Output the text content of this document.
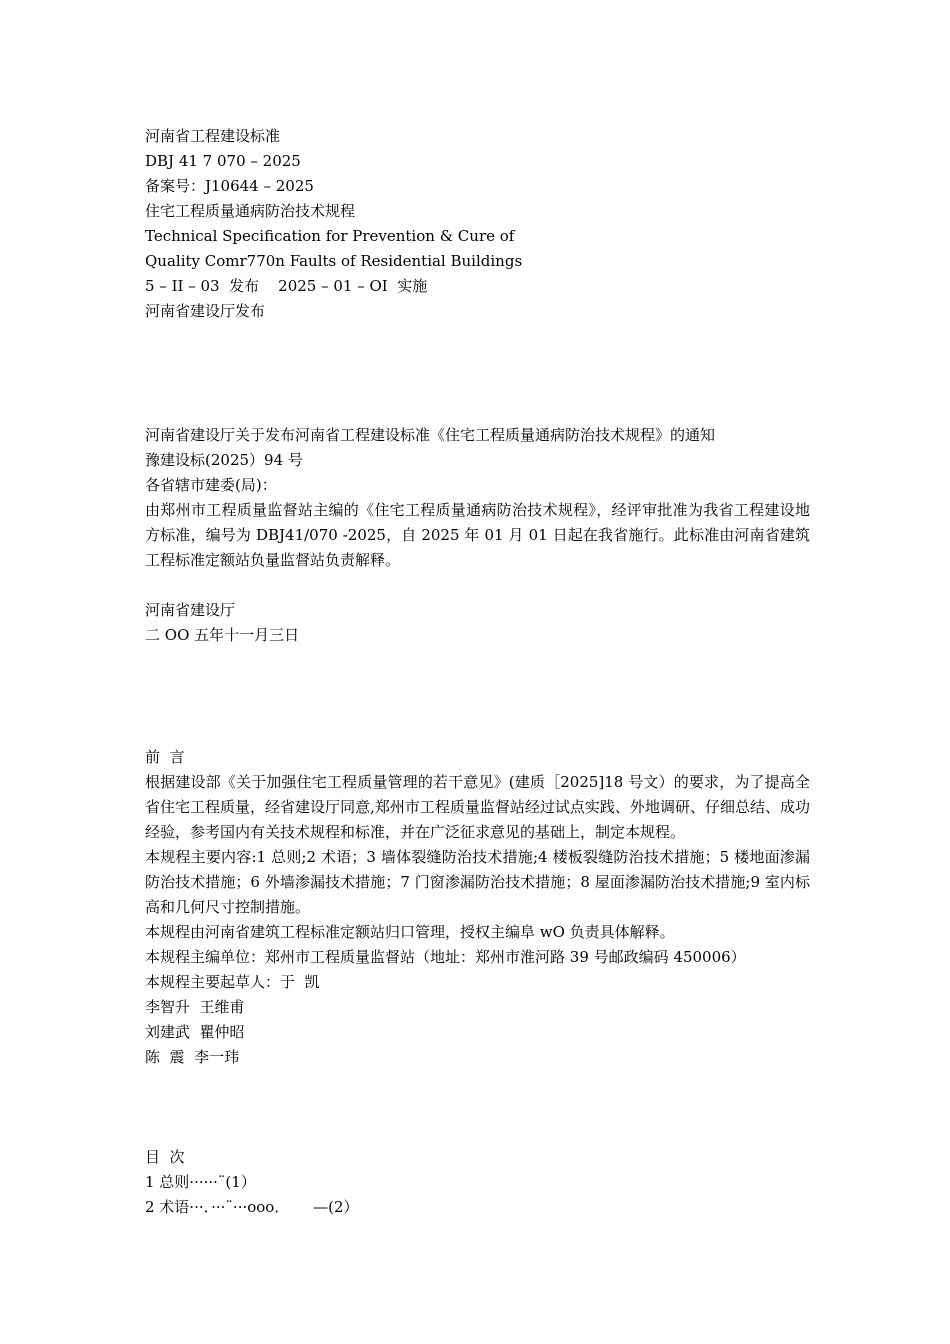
河南省工程建设标准
DBJ 41 7 070 – 2025
备案号：J10644 – 2025
住宅工程质量通病防治技术规程
Technical Specification for Prevention & Cure of
Quality Comr770n Faults of Residential Buildings
5 – II – 03  发布    2025 – 01 – OI  实施
河南省建设厅发布
河南省建设厅关于发布河南省工程建设标准《住宅工程质量通病防治技术规程》的通知
豫建设标(2025）94 号
各省辖市建委(局)：
由郑州市工程质量监督站主编的《住宅工程质量通病防治技术规程》，经评审批准为我省工程建设地方标准，编号为 DBJ41/070 -2025，自 2025 年 01 月 01 日起在我省施行。此标准由河南省建筑工程标准定额站负量监督站负责解释。

河南省建设厅
二 OO 五年十一月三日
前  言
根据建设部《关于加强住宅工程质量管理的若干意见》(建质［2025]18 号文）的要求，为了提高全省住宅工程质量，经省建设厅同意,郑州市工程质量监督站经过试点实践、外地调研、仔细总结、成功经验，参考国内有关技术规程和标准，并在广泛征求意见的基础上，制定本规程。
本规程主要内容:1 总则;2 术语；3 墙体裂缝防治技术措施;4 楼板裂缝防治技术措施；5 楼地面渗漏防治技术措施；6 外墙渗漏技术措施；7 门窗渗漏防治技术措施；8 屋面渗漏防治技术措施;9 室内标高和几何尺寸控制措施。
本规程由河南省建筑工程标准定额站归口管理，授权主编阜 wO 负责具体解释。
本规程主编单位：郑州市工程质量监督站（地址：郑州市淮河路 39 号邮政编码 450006）
本规程主要起草人：于  凯
李智升  王维甫
刘建武  瞿仲昭
陈  震  李一玮
目  次
1 总则······¨(1）
2 术语···．···¨···ooo．     —(2）
